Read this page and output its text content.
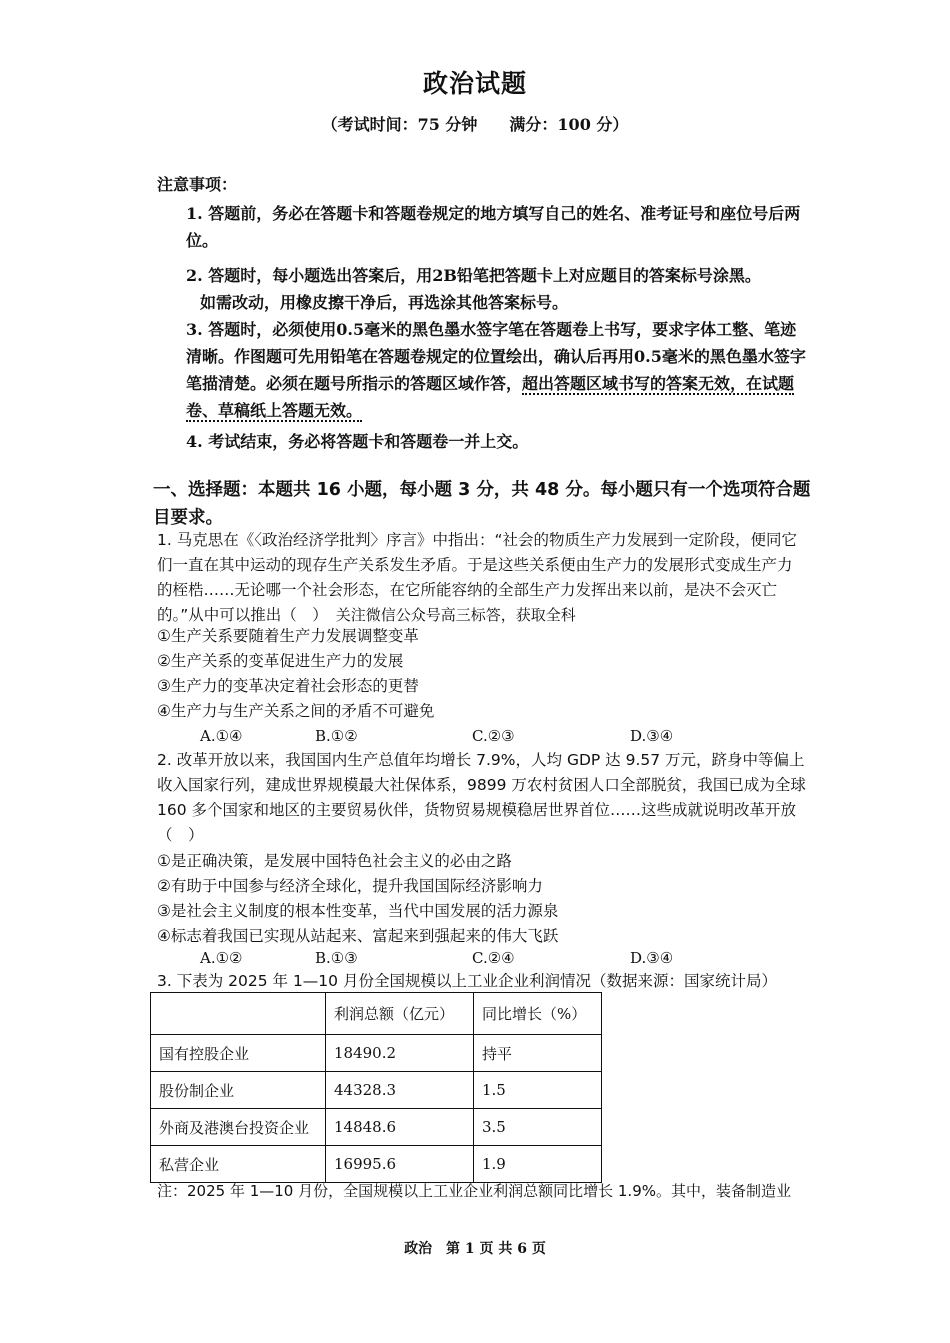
政治试题
（考试时间：75 分钟 满分：100 分）
注意事项：
1. 答题前，务必在答题卡和答题卷规定的地方填写自己的姓名、准考证号和座位号后两位。
2. 答题时，每小题选出答案后，用2B铅笔把答题卡上对应题目的答案标号涂黑。
如需改动，用橡皮擦干净后，再选涂其他答案标号。
3. 答题时，必须使用0.5毫米的黑色墨水签字笔在答题卷上书写，要求字体工整、笔迹清晰。作图题可先用铅笔在答题卷规定的位置绘出，确认后再用0.5毫米的黑色墨水签字笔描清楚。必须在题号所指示的答题区域作答，超出答题区域书写的答案无效，在试题卷、草稿纸上答题无效。
4. 考试结束，务必将答题卡和答题卷一并上交。
一、选择题：本题共 16 小题，每小题 3 分，共 48 分。每小题只有一个选项符合题目要求。
1. 马克思在《〈政治经济学批判〉序言》中指出：“社会的物质生产力发展到一定阶段，便同它们一直在其中运动的现存生产关系发生矛盾。于是这些关系便由生产力的发展形式变成生产力的桎梏……无论哪一个社会形态，在它所能容纳的全部生产力发挥出来以前，是决不会灭亡的。”从中可以推出（　） 关注微信公众号高三标答，获取全科
①生产关系要随着生产力发展调整变革
②生产关系的变革促进生产力的发展
③生产力的变革决定着社会形态的更替
④生产力与生产关系之间的矛盾不可避免
A.①④	B.①②	C.②③	D.③④
2. 改革开放以来，我国国内生产总值年均增长 7.9%，人均 GDP 达 9.57 万元，跻身中等偏上收入国家行列，建成世界规模最大社保体系，9899 万农村贫困人口全部脱贫，我国已成为全球 160 多个国家和地区的主要贸易伙伴，货物贸易规模稳居世界首位……这些成就说明改革开放（　）
①是正确决策，是发展中国特色社会主义的必由之路
②有助于中国参与经济全球化，提升我国国际经济影响力
③是社会主义制度的根本性变革，当代中国发展的活力源泉
④标志着我国已实现从站起来、富起来到强起来的伟大飞跃
A.①②	B.①③	C.②④	D.③④
3. 下表为 2025 年 1—10 月份全国规模以上工业企业利润情况（数据来源：国家统计局）
	利润总额（亿元）	同比增长（%）
国有控股企业	18490.2	持平
股份制企业	44328.3	1.5
外商及港澳台投资企业	14848.6	3.5
私营企业	16995.6	1.9
注：2025 年 1—10 月份，全国规模以上工业企业利润总额同比增长 1.9%。其中，装备制造业
政治　第 1 页 共 6 页
